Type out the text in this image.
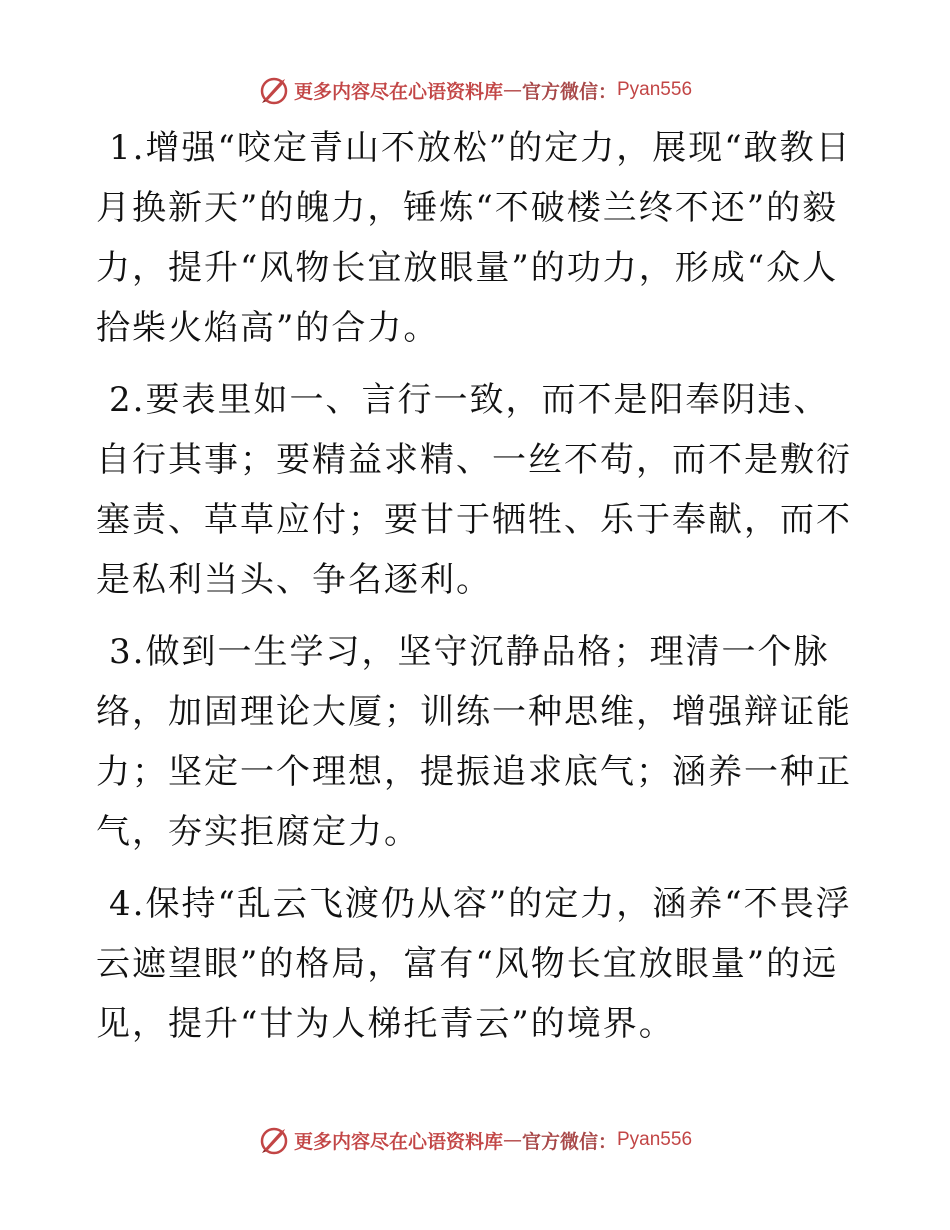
更多内容尽在心语资料库 — 官方微信： Pyan556

1.增强“咬定青山不放松”的定力，展现“敢教日月换新天”的魄力，锤炼“不破楼兰终不还”的毅力，提升“风物长宜放眼量”的功力，形成“众人拾柴火焰高”的合力。

2.要表里如一、言行一致，而不是阳奉阴违、自行其事；要精益求精、一丝不苟，而不是敷衍塞责、草草应付；要甘于牺牲、乐于奉献，而不是私利当头、争名逐利。

3.做到一生学习，坚守沉静品格；理清一个脉络，加固理论大厦；训练一种思维，增强辩证能力；坚定一个理想，提振追求底气；涵养一种正气，夯实拒腐定力。

4.保持“乱云飞渡仍从容”的定力，涵养“不畏浮云遮望眼”的格局，富有“风物长宜放眼量”的远见，提升“甘为人梯托青云”的境界。

更多内容尽在心语资料库 — 官方微信： Pyan556
